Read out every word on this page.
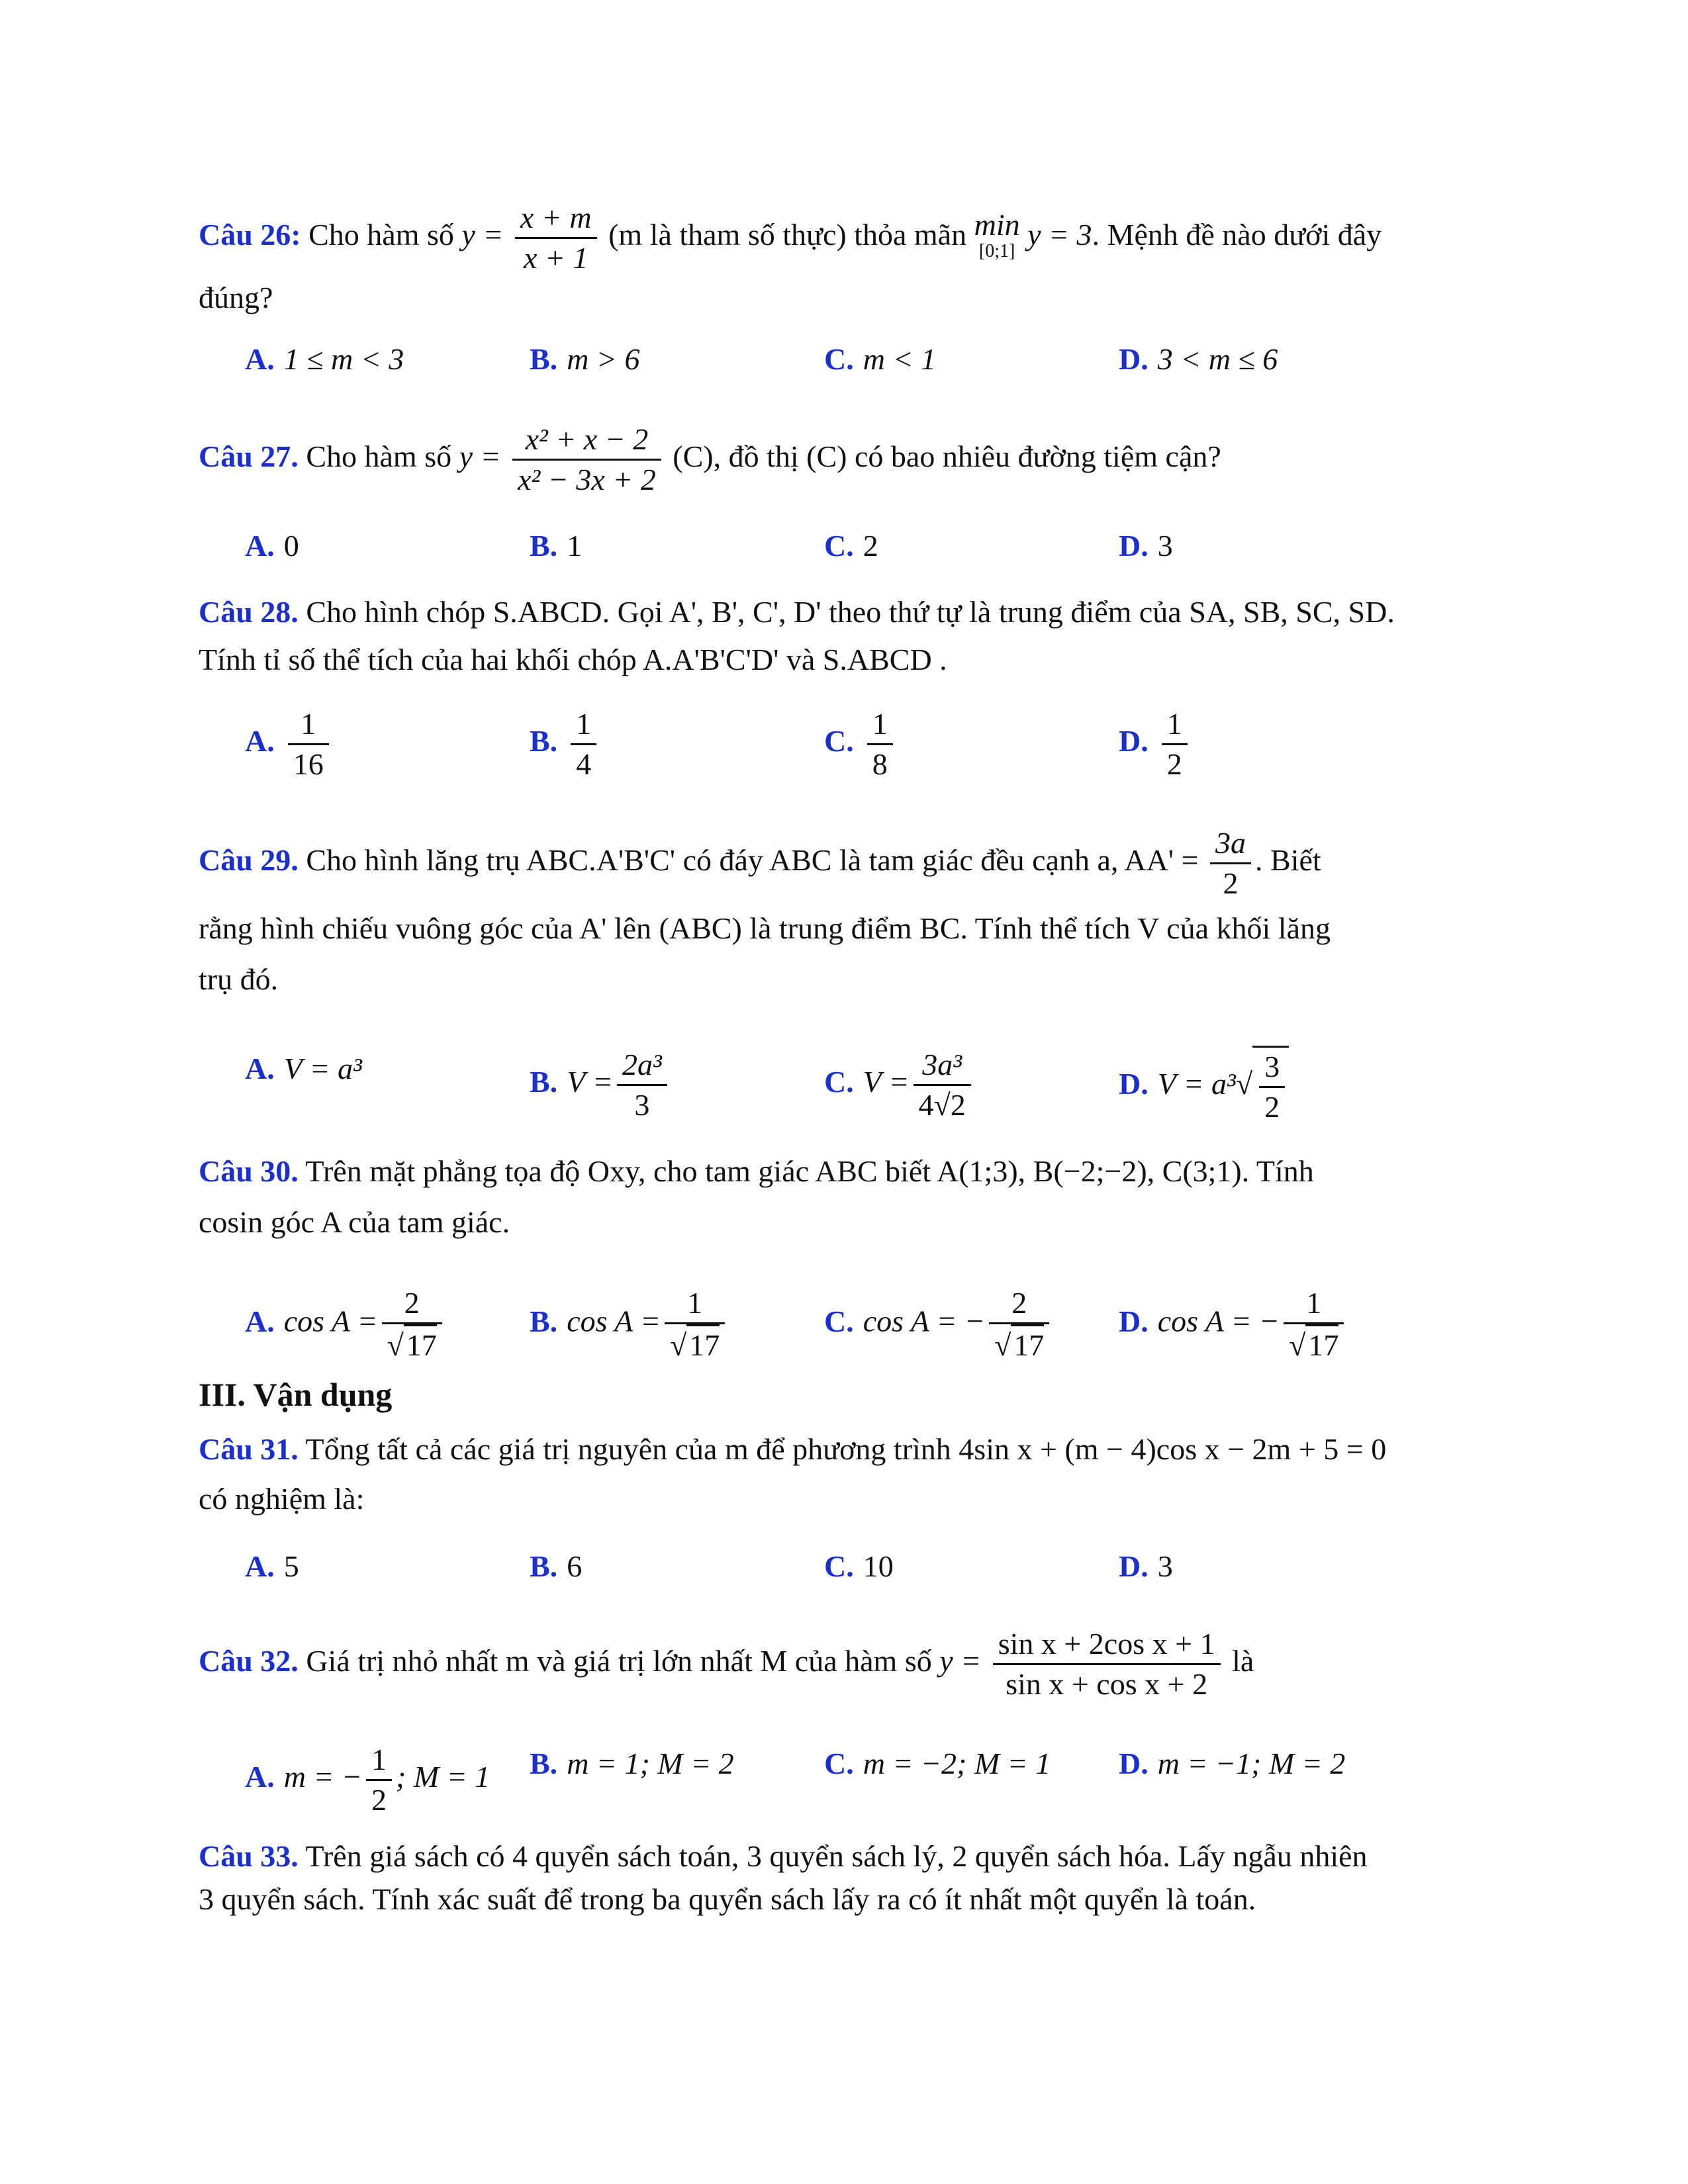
Câu 26: Cho hàm số $y = \frac{x + m}{x + 1} (m$ là tham số thực) thỏa mãn min
[0;1] y = 3. Mệnh đề nào dưới đây
đúng?
A. 1 ≤ m < 3	B. m > 6	C. m < 1	D. 3 < m ≤ 6
Câu 27. Cho hàm số $y = \frac{\text{x² + x − 2}}{\text{x² − 3x + 2}} (C)$, đồ thị (C) có bao nhiêu đường tiệm cận?
A. 0	B. 1	C. 2	D. 3
Câu 28. Cho hình chóp S.ABCD. Gọi A', B', C', D' theo thứ tự là trung điểm của SA, SB, SC, SD.
Tính tỉ số thể tích của hai khối chóp A.A'B'C'D' và S.ABCD .
A. $\frac{1}{16}$	B. $\frac{1}{4}$	C. $\frac{1}{8}$	D. $\frac{1}{2}$
Câu 29. Cho hình lăng trụ ABC.A'B'C' có đáy ABC là tam giác đều cạnh a, $AA' = \frac{3a}{2}$ . Biết
rằng hình chiếu vuông góc của A' lên (ABC) là trung điểm BC. Tính thể tích V của khối lăng
trụ đó.
A. V = a³	B. $V = \frac{\text{2a³}}{3}$	C. $V = \frac{\text{3a³}}{4√2}$	D. $V = a^3√ \frac{3}{2}$
Câu 30. Trên mặt phẳng tọa độ Oxy, cho tam giác ABC biết A(1;3), B(−2;−2), C(3;1). Tính
cosin góc A của tam giác.
A. $\cos A = \frac{2}{√17}$	B. $\cos A = \frac{1}{√17}$	C. cos A = − $\frac{2}{√17} D$. cos A = − $\frac{1}{√17}$
III. Vận dụng
Câu 31. Tổng tất cả các giá trị nguyên của m để phương trình 4sin x + (m − 4)cos x − 2m + 5 = 0
có nghiệm là:
A. 5	B. 6	C. 10	D. 3
Câu 32. Giá trị nhỏ nhất m và giá trị lớn nhất M của hàm số $y = \frac{\text{sin x + 2cos x + 1}}{\text{sin x + cos x + 2}}$ là
A. m = − $\frac{1}{2}$ ; M = 1 B. m = 1; M = 2	C. m = −2; M = 1 D. m = −1; M = 2
Câu 33. Trên giá sách có 4 quyển sách toán, 3 quyển sách lý, 2 quyển sách hóa. Lấy ngẫu nhiên
3 quyển sách. Tính xác suất để trong ba quyển sách lấy ra có ít nhất một quyển là toán.
